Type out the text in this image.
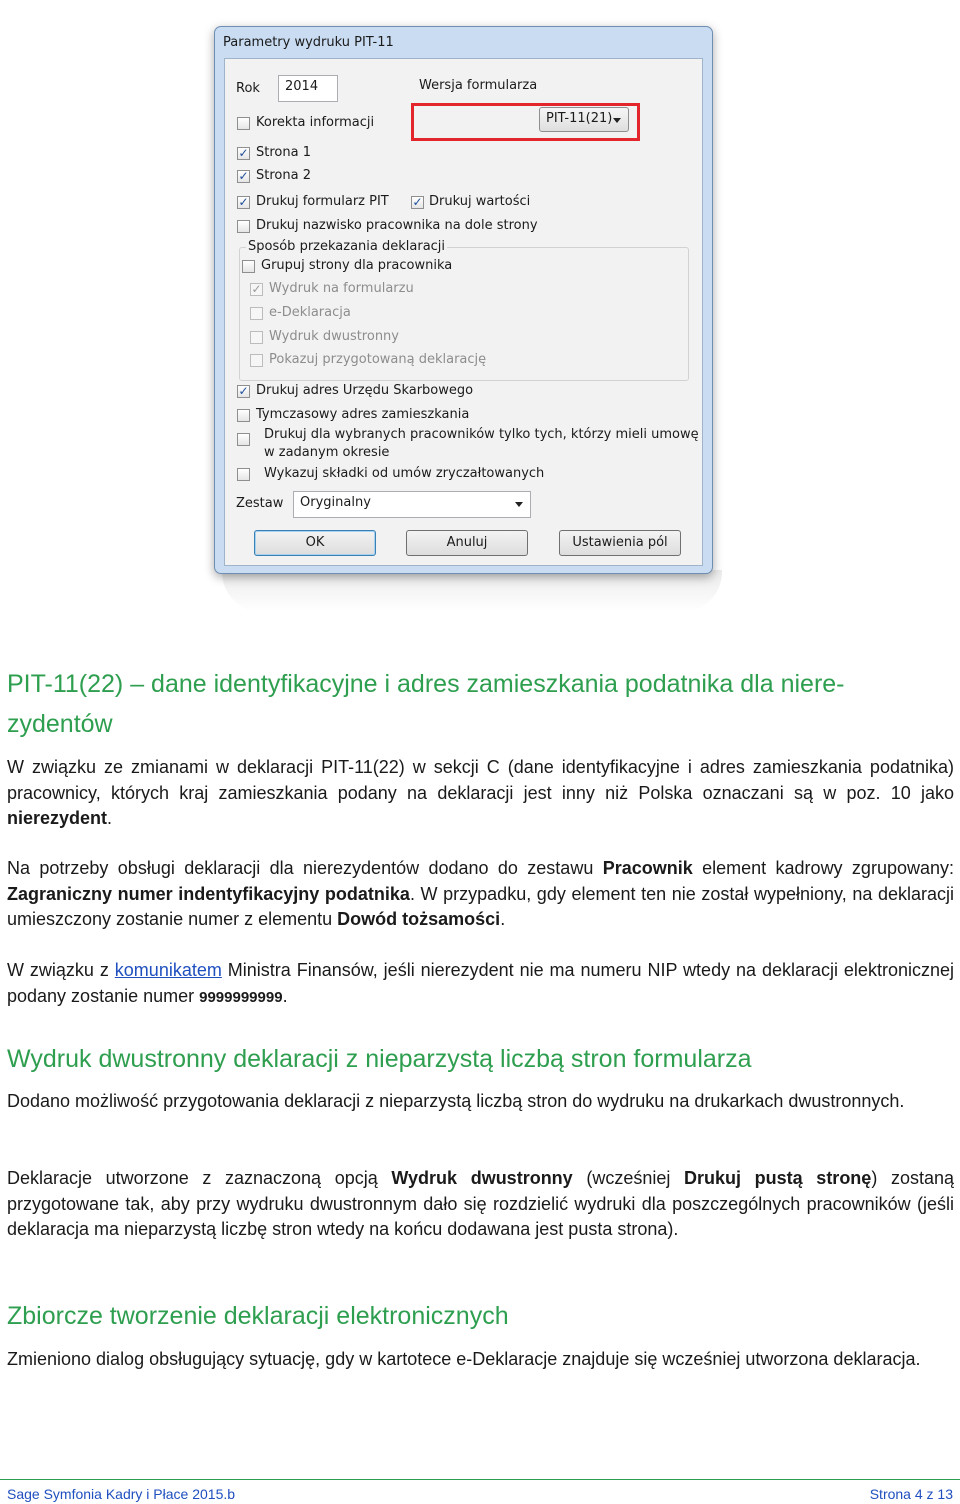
Parametry wydruku PIT-11
Rok	2014	Wersja formularza
PIT-11(21)
Korekta informacji
✓ Strona 1
✓ Strona 2
✓ Drukuj formularz PIT ✓ Drukuj wartości
Drukuj nazwisko pracownika na dole strony
Sposób przekazania deklaracji
Grupuj strony dla pracownika
✓ Wydruk na formularzu
e-Deklaracja
Wydruk dwustronny
Pokazuj przygotowaną deklarację
✓ Drukuj adres Urzędu Skarbowego
Tymczasowy adres zamieszkania
Drukuj dla wybranych pracowników tylko tych, którzy mieli umowę
w zadanym okresie
Wykazuj składki od umów zryczałtowanych
Zestaw	Oryginalny
OK	Anuluj	Ustawienia pól
PIT-11(22) – dane identyfikacyjne i adres zamieszkania podatnika dla niere-
zydentów

W związku ze zmianami w deklaracji PIT-11(22) w sekcji C (dane identyfikacyjne i adres zamieszkania podatnika) pracownicy, których kraj zamieszkania podany na deklaracji jest inny niż Polska oznaczani są w poz. 10 jako nierezydent.

Na potrzeby obsługi deklaracji dla nierezydentów dodano do zestawu Pracownik element kadrowy zgrupowany: Zagraniczny numer indentyfikacyjny podatnika. W przypadku, gdy element ten nie został wypełniony, na deklaracji umieszczony zostanie numer z elementu Dowód tożsamości.

W związku z komunikatem Ministra Finansów, jeśli nierezydent nie ma numeru NIP wtedy na deklaracji elektronicznej podany zostanie numer 9999999999.

Wydruk dwustronny deklaracji z nieparzystą liczbą stron formularza

Dodano możliwość przygotowania deklaracji z nieparzystą liczbą stron do wydruku na drukarkach dwustronnych.

Deklaracje utworzone z zaznaczoną opcją Wydruk dwustronny (wcześniej Drukuj pustą stronę) zostaną przygotowane tak, aby przy wydruku dwustronnym dało się rozdzielić wydruki dla poszczególnych pracowników (jeśli deklaracja ma nieparzystą liczbę stron wtedy na końcu dodawana jest pusta strona).

Zbiorcze tworzenie deklaracji elektronicznych

Zmieniono dialog obsługujący sytuację, gdy w kartotece e-Deklaracje znajduje się wcześniej utworzona deklaracja.

Sage Symfonia Kadry i Płace 2015.b	Strona 4 z 13
